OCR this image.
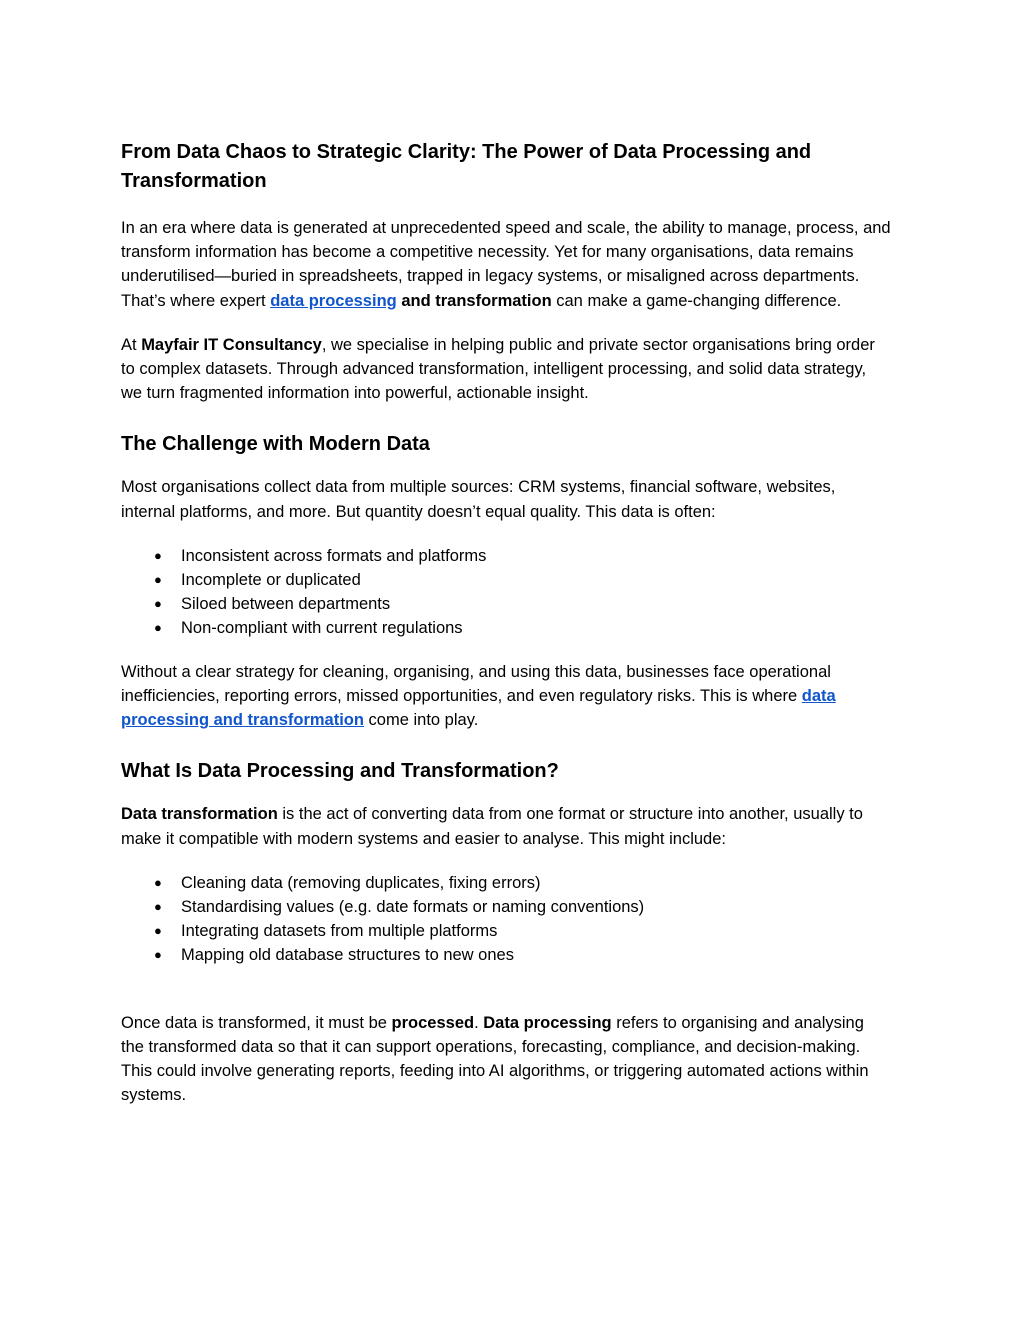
From Data Chaos to Strategic Clarity: The Power of Data Processing and Transformation

In an era where data is generated at unprecedented speed and scale, the ability to manage, process, and transform information has become a competitive necessity. Yet for many organisations, data remains underutilised—buried in spreadsheets, trapped in legacy systems, or misaligned across departments. That’s where expert data processing and transformation can make a game-changing difference.

At Mayfair IT Consultancy, we specialise in helping public and private sector organisations bring order to complex datasets. Through advanced transformation, intelligent processing, and solid data strategy, we turn fragmented information into powerful, actionable insight.

The Challenge with Modern Data

Most organisations collect data from multiple sources: CRM systems, financial software, websites, internal platforms, and more. But quantity doesn’t equal quality. This data is often:

● Inconsistent across formats and platforms
● Incomplete or duplicated
● Siloed between departments
● Non-compliant with current regulations

Without a clear strategy for cleaning, organising, and using this data, businesses face operational inefficiencies, reporting errors, missed opportunities, and even regulatory risks. This is where data processing and transformation come into play.

What Is Data Processing and Transformation?

Data transformation is the act of converting data from one format or structure into another, usually to make it compatible with modern systems and easier to analyse. This might include:

● Cleaning data (removing duplicates, fixing errors)
● Standardising values (e.g. date formats or naming conventions)
● Integrating datasets from multiple platforms
● Mapping old database structures to new ones

Once data is transformed, it must be processed. Data processing refers to organising and analysing the transformed data so that it can support operations, forecasting, compliance, and decision-making. This could involve generating reports, feeding into AI algorithms, or triggering automated actions within systems.
